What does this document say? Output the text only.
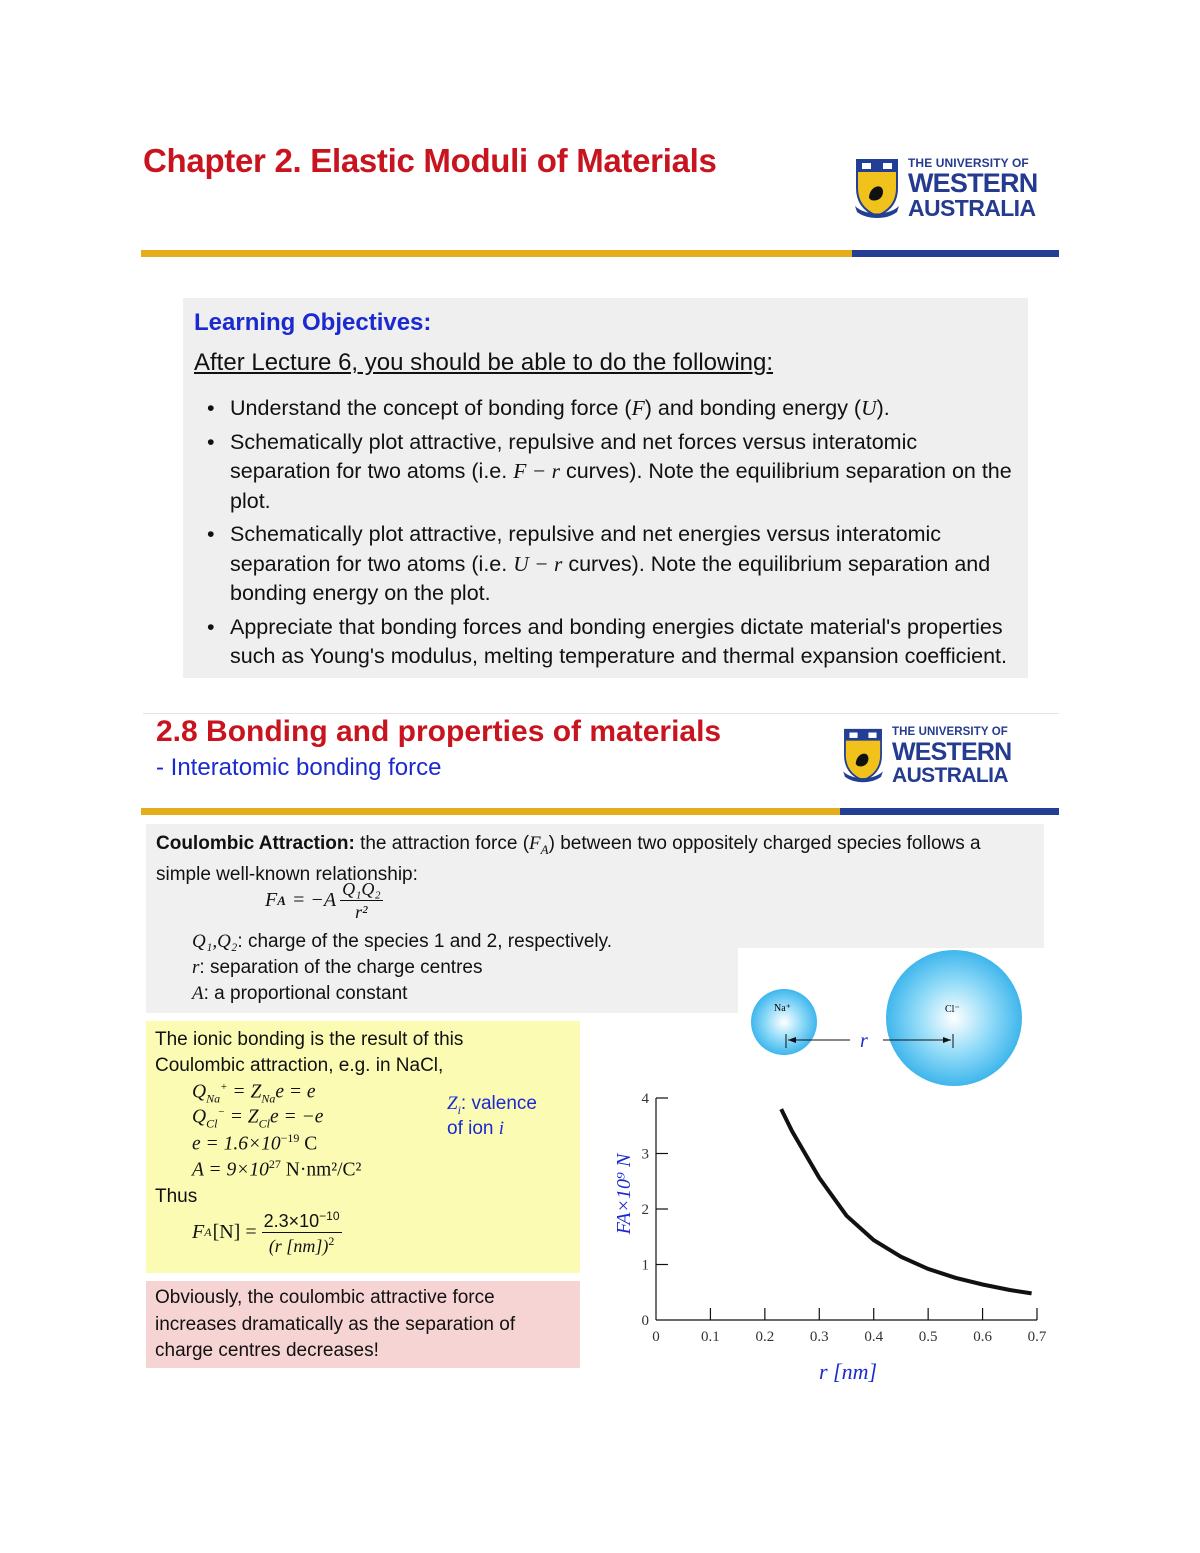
Chapter 2. Elastic Moduli of Materials	THE UNIVERSITY OF
WESTERN
AUSTRALIA
Learning Objectives:
After Lecture 6, you should be able to do the following:
• Understand the concept of bonding force (F) and bonding energy (U).
• Schematically plot attractive, repulsive and net forces versus interatomic separation for two atoms (i.e. F − r curves). Note the equilibrium separation on the plot.
• Schematically plot attractive, repulsive and net energies versus interatomic separation for two atoms (i.e. U − r curves). Note the equilibrium separation and bonding energy on the plot.
• Appreciate that bonding forces and bonding energies dictate material's properties such as Young's modulus, melting temperature and thermal expansion coefficient.
2.8 Bonding and properties of materials
- Interatomic bonding force
THE UNIVERSITY OF
WESTERN
AUSTRALIA
Coulombic Attraction: the attraction force $(F_A)$ between two oppositely charged species follows a simple well-known relationship:
F $A = -A \frac{\text{Q₁Q₂}}{\text{r²}}$
Q₁,Q₂: charge of the species 1 and 2, respectively.
r: separation of the charge centres
A: a proportional constant
Na⁺	Cl⁻
r
The ionic bonding is the result of this
Coulombic attraction, e.g. in NaCl,
$Q_{Na}^+ = Z_{Na}e = e$
$Q_{Cl}^- = Z_{Cl}e = -e$
$e = 1.6\times 10^{-19}$ C
$A = 9\times 10^{27}$ N·nm²/C²
$Z_i$: valence
of ion i
Thus
F A $[N] = \frac{2.3\times 10^{-10}}{(r [nm])^2}$
Obviously, the coulombic attractive force increases dramatically as the separation of charge centres decreases!
0	0.1 0.2 0.3 0.4 0.5 0.6 0.7
0
1
2
3
4
FA×10⁹ N
r [nm]
